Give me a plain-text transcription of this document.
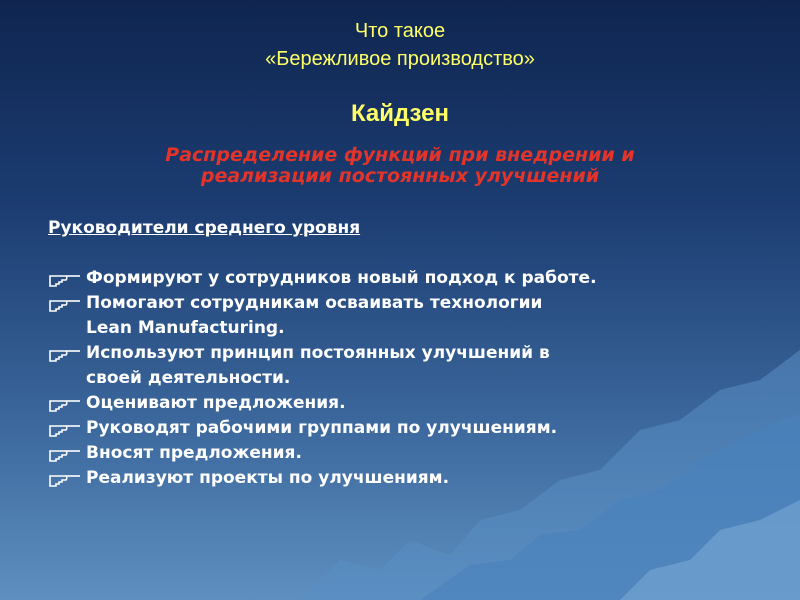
Что такое
«Бережливое производство»
Кайдзен
Распределение функций при внедрении и
реализации постоянных улучшений
Руководители среднего уровня
Формируют у сотрудников новый подход к работе.
Помогают сотрудникам осваивать технологии
Lean Manufacturing.
Используют принцип постоянных улучшений в
своей деятельности.
Оценивают предложения.
Руководят рабочими группами по улучшениям.
Вносят предложения.
Реализуют проекты по улучшениям.
